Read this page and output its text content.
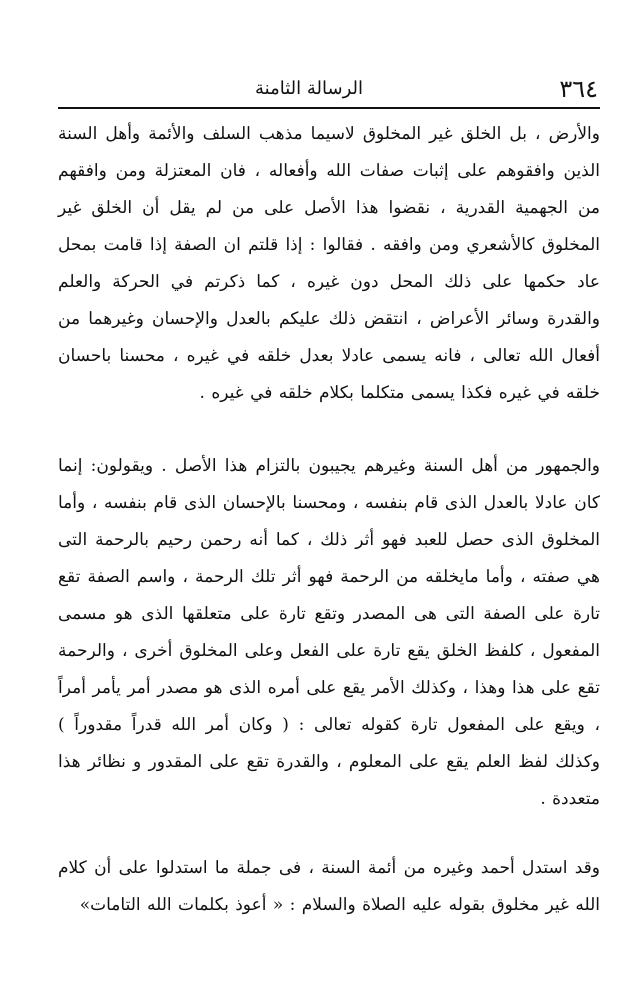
٣٦٤
الرسالة الثامنة

والأرض ، بل الخلق غير المخلوق لاسيما مذهب السلف والأئمة وأهل السنة الذين وافقوهم على إثبات صفات الله وأفعاله ، فان المعتزلة ومن وافقهم من الجهمية القدرية ، نقضوا هذا الأصل على من لم يقل أن الخلق غير المخلوق كالأشعري ومن وافقه . فقالوا : إذا قلتم ان الصفة إذا قامت بمحل عاد حكمها على ذلك المحل دون غيره ، كما ذكرتم في الحركة والعلم والقدرة وسائر الأعراض ، انتقض ذلك عليكم بالعدل والإحسان وغيرهما من أفعال الله تعالى ، فانه يسمى عادلا بعدل خلقه في غيره ، محسنا باحسان خلقه في غيره فكذا يسمى متكلما بكلام خلقه في غيره .

والجمهور من أهل السنة وغيرهم يجيبون بالتزام هذا الأصل . ويقولون: إنما كان عادلا بالعدل الذى قام بنفسه ، ومحسنا بالإحسان الذى قام بنفسه ، وأما المخلوق الذى حصل للعبد فهو أثر ذلك ، كما أنه رحمن رحيم بالرحمة التى هي صفته ، وأما مايخلقه من الرحمة فهو أثر تلك الرحمة ، واسم الصفة تقع تارة على الصفة التى هى المصدر وتقع تارة على متعلقها الذى هو مسمى المفعول ، كلفظ الخلق يقع تارة على الفعل وعلى المخلوق أخرى ، والرحمة تقع على هذا وهذا ، وكذلك الأمر يقع على أمره الذى هو مصدر أمر يأمر أمراً ، ويقع على المفعول تارة كقوله تعالى : ( وكان أمر الله قدراً مقدوراً ) وكذلك لفظ العلم يقع على المعلوم ، والقدرة تقع على المقدور و نظائر هذا متعددة .

وقد استدل أحمد وغيره من أئمة السنة ، فى جملة ما استدلوا على أن كلام الله غير مخلوق بقوله عليه الصلاة والسلام : « أعوذ بكلمات الله التامات»
